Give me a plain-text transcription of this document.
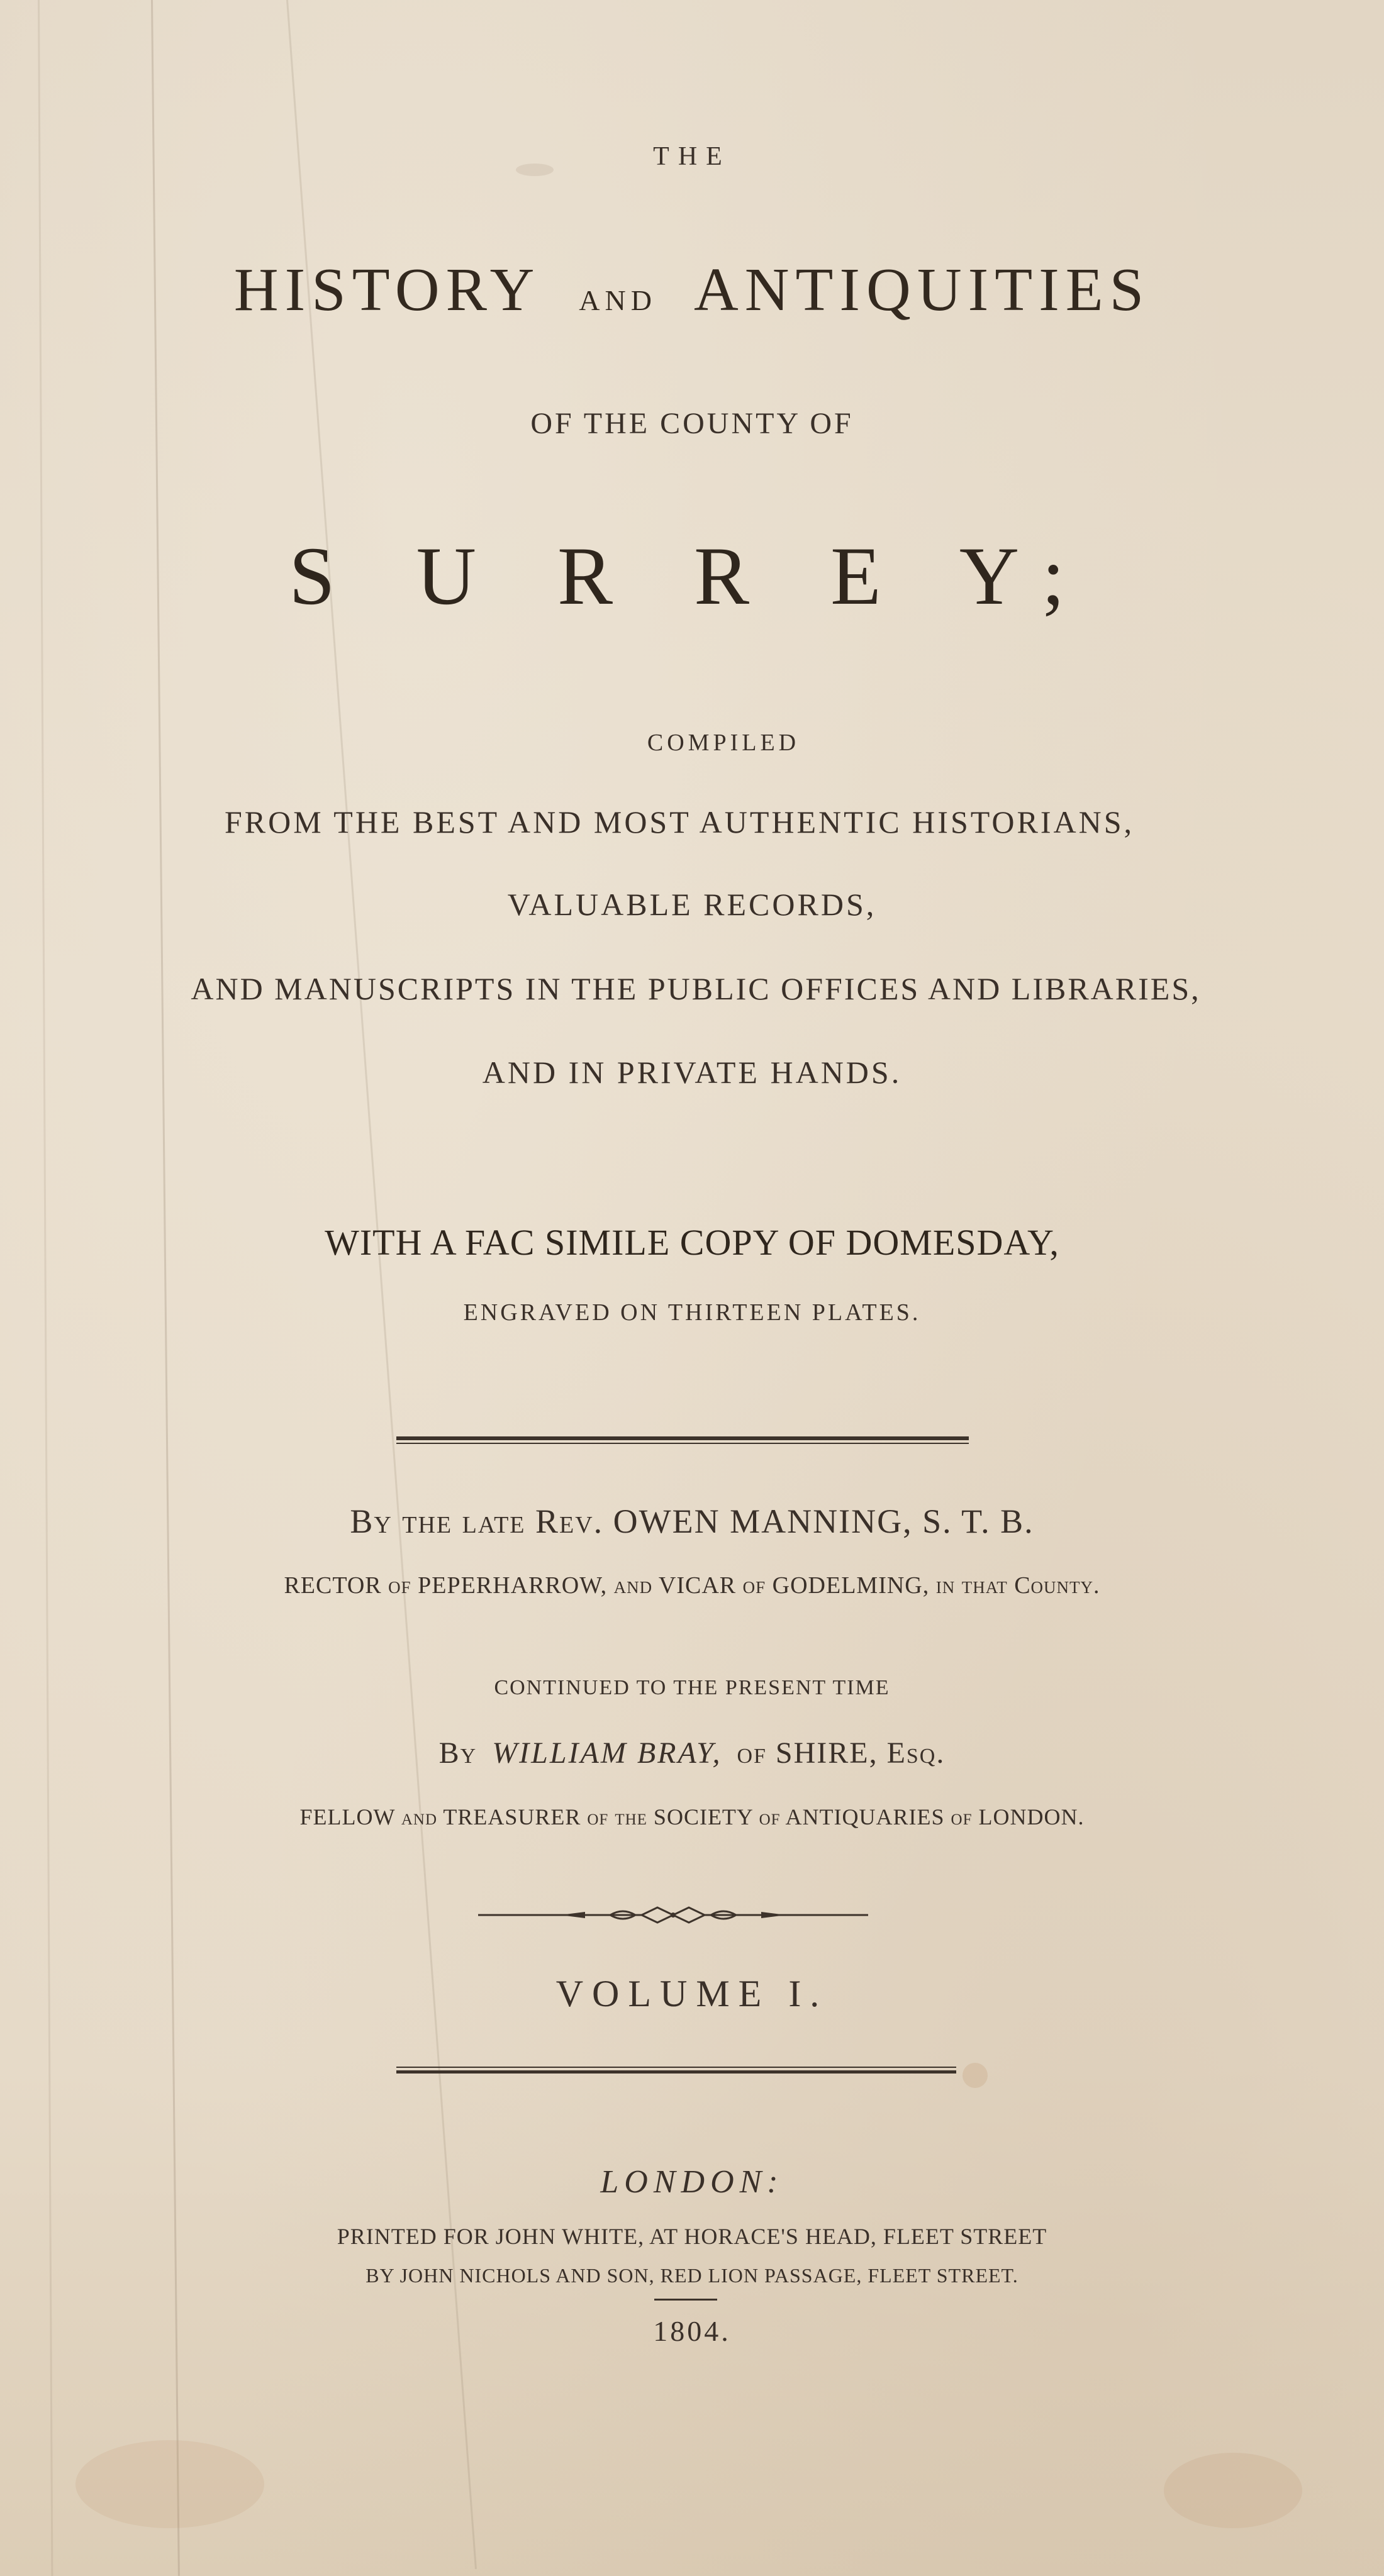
THE
HISTORY AND ANTIQUITIES
OF THE COUNTY OF
S U R R E Y;
COMPILED
FROM THE BEST AND MOST AUTHENTIC HISTORIANS,
VALUABLE RECORDS,
AND MANUSCRIPTS IN THE PUBLIC OFFICES AND LIBRARIES,
AND IN PRIVATE HANDS.
WITH A FAC SIMILE COPY OF DOMESDAY,
ENGRAVED ON THIRTEEN PLATES.
By the late Rev. OWEN MANNING, S. T. B.
RECTOR of PEPERHARROW, and VICAR of GODELMING, in that County.
CONTINUED TO THE PRESENT TIME
By WILLIAM BRAY, of SHIRE, Esq.
FELLOW and TREASURER of the SOCIETY of ANTIQUARIES of LONDON.
VOLUME I.
LONDON:
PRINTED FOR JOHN WHITE, AT HORACE'S HEAD, FLEET STREET
BY JOHN NICHOLS AND SON, RED LION PASSAGE, FLEET STREET.
1804.
